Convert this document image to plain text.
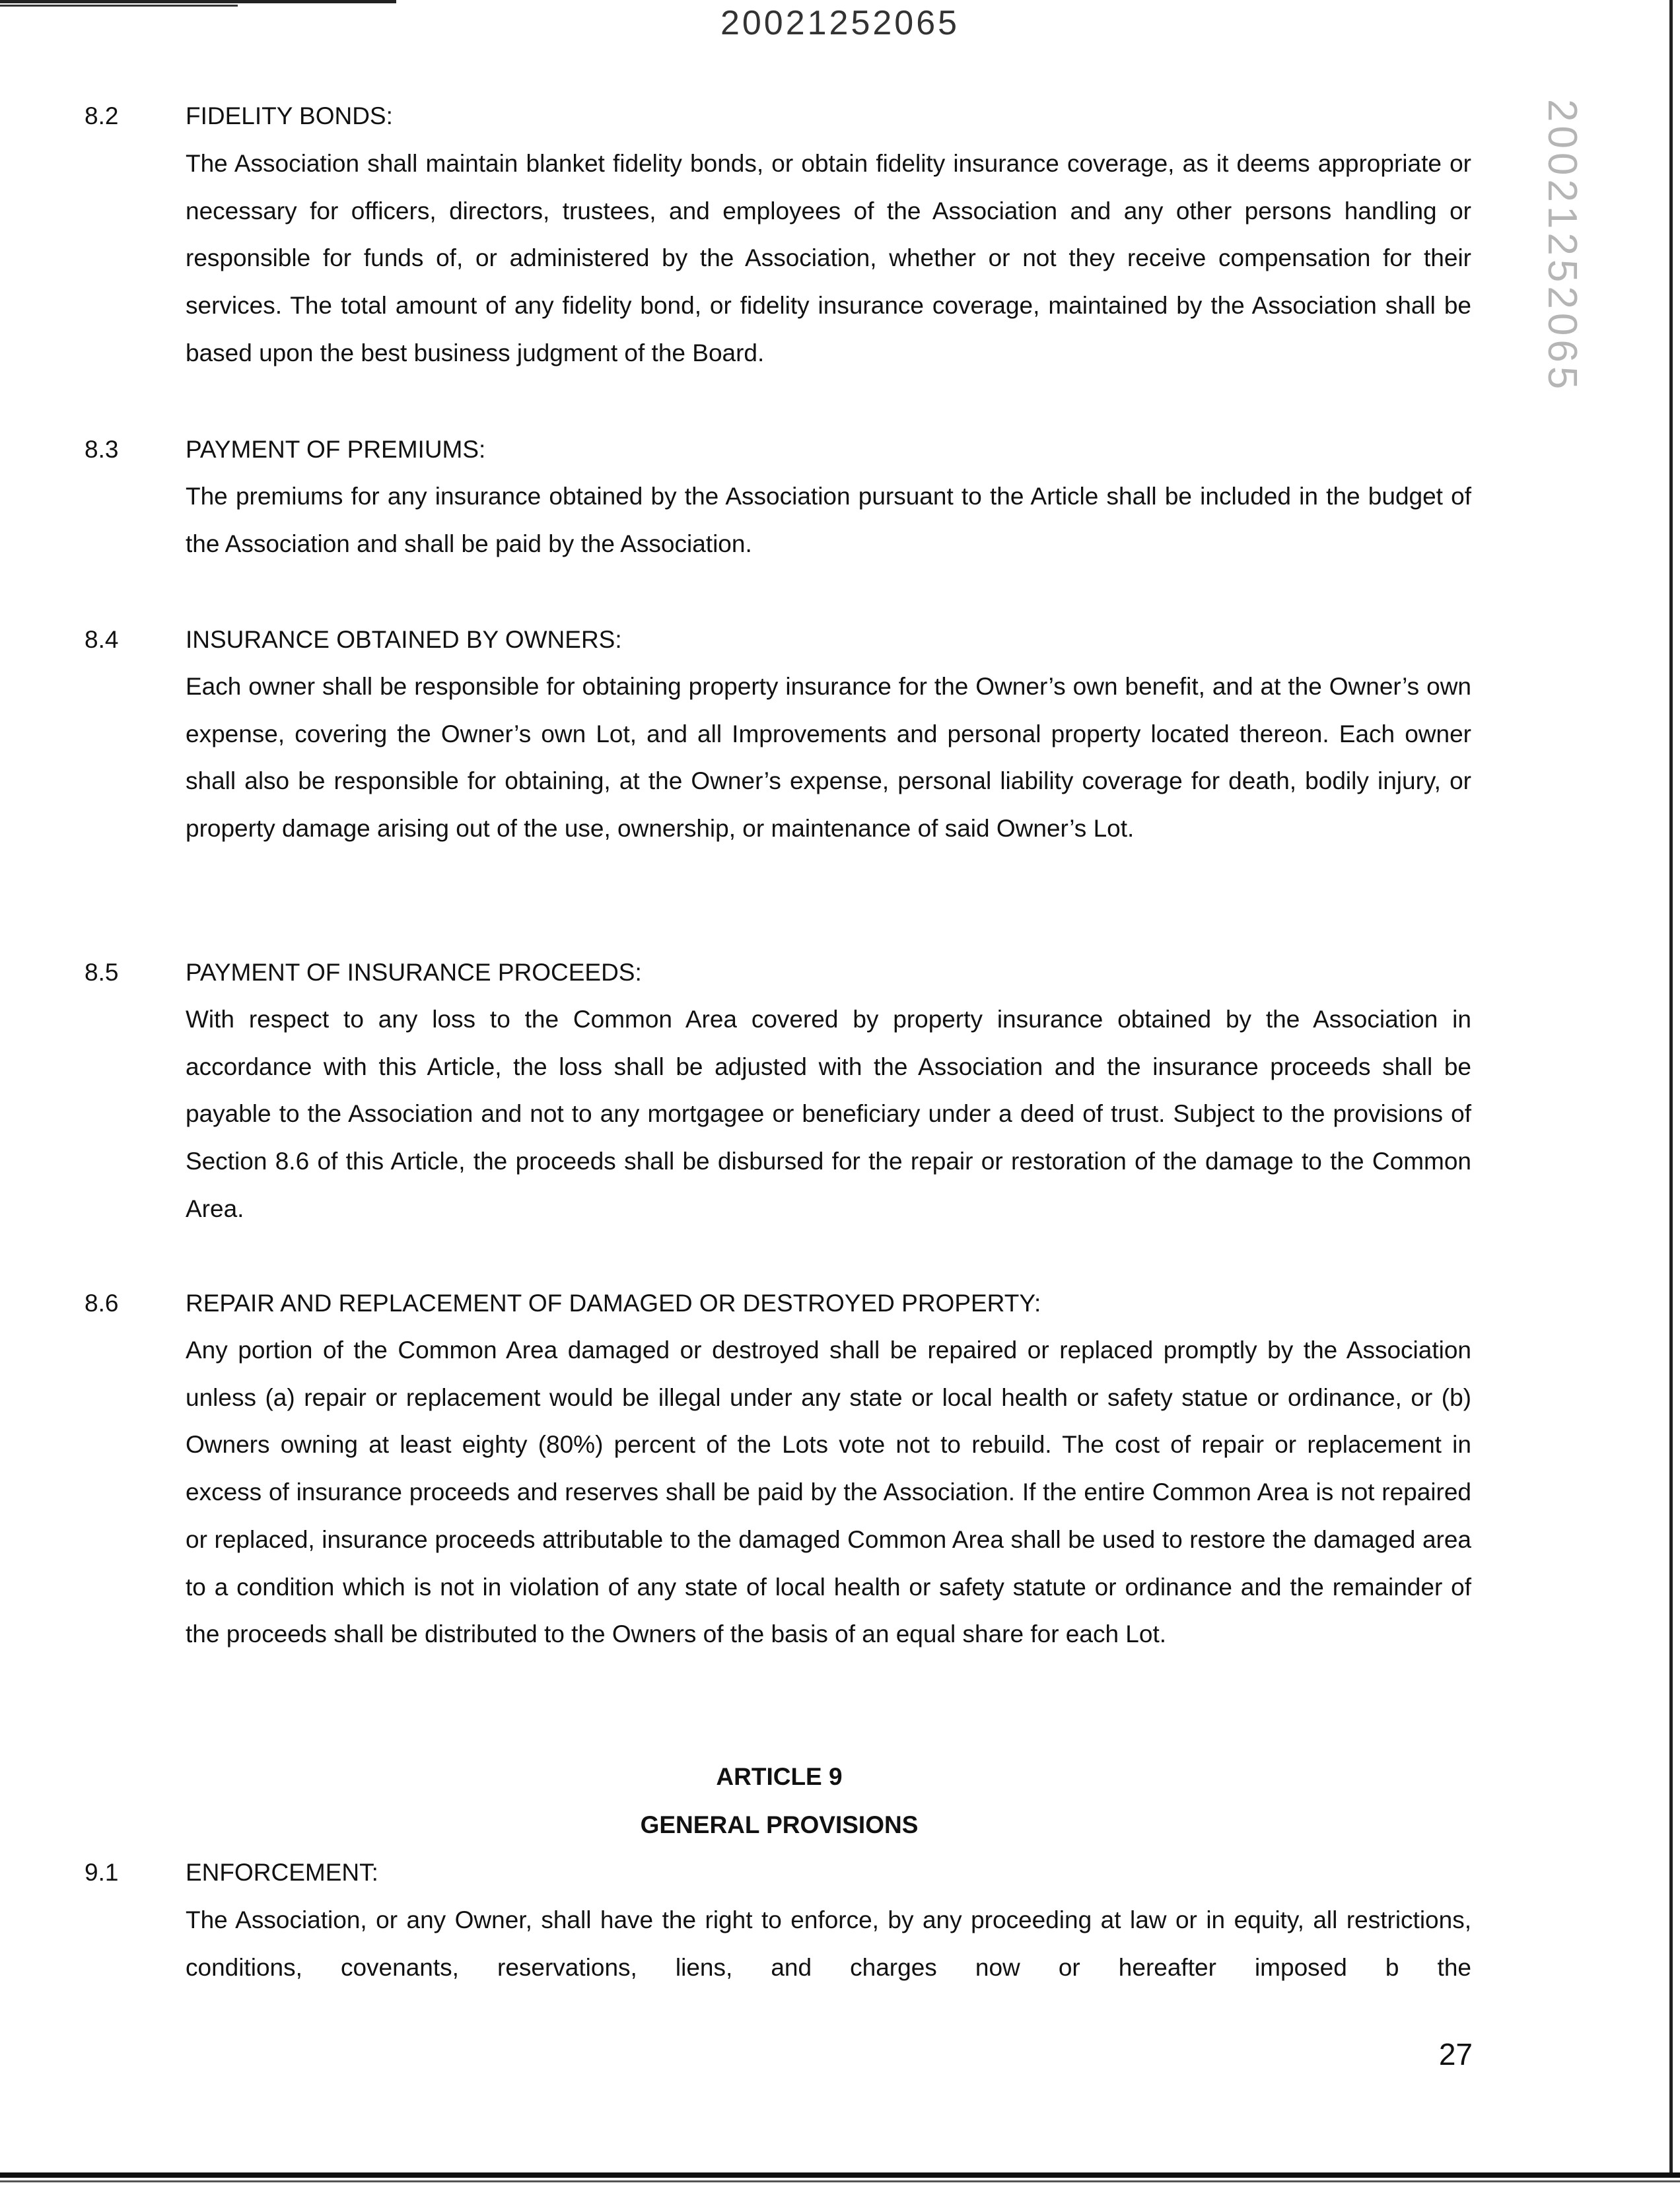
20021252065
20021252065
8.2	FIDELITY BONDS:

The Association shall maintain blanket fidelity bonds, or obtain fidelity insurance coverage, as it deems appropriate or necessary for officers, directors, trustees, and employees of the Association and any other persons handling or responsible for funds of, or administered by the Association, whether or not they receive compensation for their services. The total amount of any fidelity bond, or fidelity insurance coverage, maintained by the Association shall be based upon the best business judgment of the Board.

8.3	PAYMENT OF PREMIUMS:

The premiums for any insurance obtained by the Association pursuant to the Article shall be included in the budget of the Association and shall be paid by the Association.

8.4	INSURANCE OBTAINED BY OWNERS:

Each owner shall be responsible for obtaining property insurance for the Owner’s own benefit, and at the Owner’s own expense, covering the Owner’s own Lot, and all Improvements and personal property located thereon. Each owner shall also be responsible for obtaining, at the Owner’s expense, personal liability coverage for death, bodily injury, or property damage arising out of the use, ownership, or maintenance of said Owner’s Lot.

8.5	PAYMENT OF INSURANCE PROCEEDS:

With respect to any loss to the Common Area covered by property insurance obtained by the Association in accordance with this Article, the loss shall be adjusted with the Association and the insurance proceeds shall be payable to the Association and not to any mortgagee or beneficiary under a deed of trust. Subject to the provisions of Section 8.6 of this Article, the proceeds shall be disbursed for the repair or restoration of the damage to the Common Area.

8.6	REPAIR AND REPLACEMENT OF DAMAGED OR DESTROYED PROPERTY:

Any portion of the Common Area damaged or destroyed shall be repaired or replaced promptly by the Association unless (a) repair or replacement would be illegal under any state or local health or safety statue or ordinance, or (b) Owners owning at least eighty (80%) percent of the Lots vote not to rebuild. The cost of repair or replacement in excess of insurance proceeds and reserves shall be paid by the Association. If the entire Common Area is not repaired or replaced, insurance proceeds attributable to the damaged Common Area shall be used to restore the damaged area to a condition which is not in violation of any state of local health or safety statute or ordinance and the remainder of the proceeds shall be distributed to the Owners of the basis of an equal share for each Lot.

ARTICLE 9
GENERAL PROVISIONS
9.1	ENFORCEMENT:

The Association, or any Owner, shall have the right to enforce, by any proceeding at law or in equity, all restrictions, conditions, covenants, reservations, liens, and charges now or hereafter imposed b the

27
